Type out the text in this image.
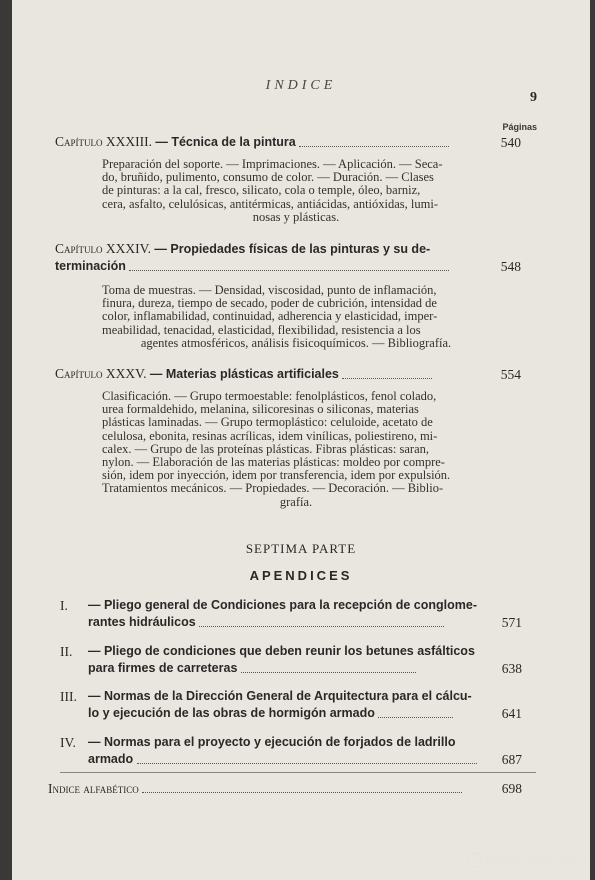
INDICE
9
Páginas
Capítulo XXXIII. — Técnica de la pintura	540
Preparación del soporte. — Imprimaciones. — Aplicación. — Seca-
do, bruñido, pulimento, consumo de color. — Duración. — Clases
de pinturas: a la cal, fresco, silicato, cola o temple, óleo, barniz,
cera, asfalto, celulósicas, antitérmicas, antiácidas, antióxidas, lumi-
nosas y plásticas.
Capítulo XXXIV. — Propiedades físicas de las pinturas y su de-
terminación	548
Toma de muestras. — Densidad, viscosidad, punto de inflamación,
finura, dureza, tiempo de secado, poder de cubrición, intensidad de
color, inflamabilidad, continuidad, adherencia y elasticidad, imper-
meabilidad, tenacidad, elasticidad, flexibilidad, resistencia a los
agentes atmosféricos, análisis fisicoquímicos. — Bibliografía.
Capítulo XXXV. — Materias plásticas artificiales	554
Clasificación. — Grupo termoestable: fenolplásticos, fenol colado,
urea formaldehido, melanina, silicoresinas o siliconas, materias
plásticas laminadas. — Grupo termoplástico: celuloide, acetato de
celulosa, ebonita, resinas acrílicas, idem vinílicas, poliestireno, mi-
calex. — Grupo de las proteínas plásticas. Fibras plásticas: saran,
nylon. — Elaboración de las materias plásticas: moldeo por compre-
sión, idem por inyección, idem por transferencia, idem por expulsión.
Tratamientos mecánicos. — Propiedades. — Decoración. — Biblio-
grafía.
SEPTIMA PARTE
APENDICES
I. — Pliego general de Condiciones para la recepción de conglome-
rantes hidráulicos	571
II. — Pliego de condiciones que deben reunir los betunes asfálticos
para firmes de carreteras	638
III. — Normas de la Dirección General de Arquitectura para el cálcu-
lo y ejecución de las obras de hormigón armado	641
IV. — Normas para el proyecto y ejecución de forjados de ladrillo
armado	687
Indice alfabético	698
todocoleccion
